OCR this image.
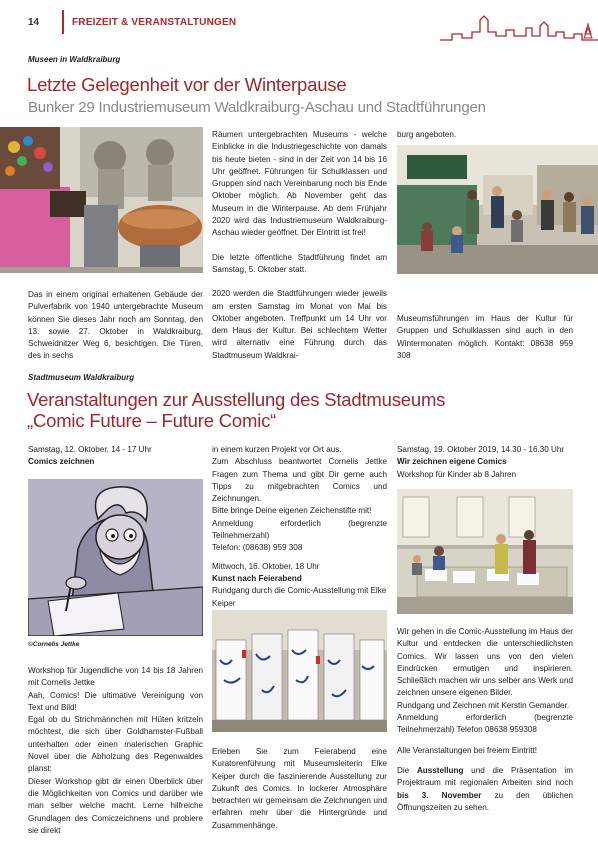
14	FREIZEIT & VERANSTALTUNGEN
Museen in Waldkraiburg
Letzte Gelegenheit vor der Winterpause
Bunker 29 Industriemuseum Waldkraiburg-Aschau und Stadtführungen

Das in einem original erhaltenen Gebäude der Pulverfabrik von 1940 untergebrachte Museum können Sie dieses Jahr noch am Sonntag, den 13. sowie 27. Oktober in Waldkraiburg, Schweidnitzer Weg 6, besichtigen. Die Türen, des in sechs

Räumen untergebrachten Museums - welche Einblicke in die Industriegeschichte von damals bis heute bieten - sind in der Zeit von 14 bis 16 Uhr geöffnet. Führungen für Schulklassen und Gruppen sind nach Vereinbarung noch bis Ende Oktober möglich. Ab November geht das Museum in die Winterpause. Ab dem Frühjahr 2020 wird das Industriemuseum Waldkraiburg-Aschau wieder geöffnet. Der Eintritt ist frei!

Die letzte öffentliche Stadtführung findet am Samstag, 5. Oktober statt.

2020 werden die Stadtführungen wieder jeweils am ersten Samstag im Monat von Mai bis Oktober angeboten. Treffpunkt um 14 Uhr vor dem Haus der Kultur. Bei schlechtem Wetter wird alternativ eine Führung durch das Stadtmuseum Waldkrai-

burg angeboten.

Museumsführungen im Haus der Kultur für Gruppen und Schulklassen sind auch in den Wintermonaten möglich. Kontakt: 08638 959 308

Stadtmuseum Waldkraiburg
Veranstaltungen zur Ausstellung des Stadtmuseums
„Comic Future – Future Comic“

Samstag, 12. Oktober, 14 - 17 Uhr

Comics zeichnen

©Cornelis Jettke

Workshop für Jugendliche von 14 bis 18 Jahren mit Cornelis Jettke
Aah, Comics! Die ultimative Vereinigung von Text und Bild!
Egal ob du Strichmännchen mit Hüten kritzeln möchtest, die sich über Goldhamster-Fußball unterhalten oder einen malerischen Graphic Novel über die Abholzung des Regenwaldes planst:
Dieser Workshop gibt dir einen Überblick über die Möglichkeiten von Comics und darüber wie man selber welche macht. Lerne hilfreiche Grundlagen des Comiczeichnens und probiere sie direkt

in einem kurzen Projekt vor Ort aus.
Zum Abschluss beantwortet Cornelis Jettke Fragen zum Thema und gibt Dir gerne auch Tipps zu mitgebrachten Comics und Zeichnungen.
Bitte bringe Deine eigenen Zeichenstifte mit!
Anmeldung erforderlich (begrenzte Teilnehmerzahl)
Telefon: (08638) 959 308

Mittwoch, 16. Oktober, 18 Uhr

Kunst nach Feierabend

Rundgang durch die Comic-Ausstellung mit Elke Keiper

Erleben Sie zum Feierabend eine Kuratorenführung mit Museumsleiterin Elke Keiper durch die faszinierende Ausstellung zur Zukunft des Comics. In lockerer Atmosphäre betrachten wir gemeinsam die Zeichnungen und erfahren mehr über die Hintergründe und Zusammenhänge.

Samstag, 19. Oktober 2019, 14.30 - 16.30 Uhr

Wir zeichnen eigene Comics

Workshop für Kinder ab 8 Jahren

Wir gehen in die Comic-Ausstellung im Haus der Kultur und entdecken die unterschiedlichsten Comics. Wir lassen uns von den vielen Eindrücken ermutigen und inspirieren. Schließlich machen wir uns selber ans Werk und zeichnen unsere eigenen Bilder.
Rundgang und Zeichnen mit Kerstin Gemander.
Anmeldung erforderlich (begrenzte Teilnehmerzahl) Telefon 08638 959308

Alle Veranstaltungen bei freiem Eintritt!

Die Ausstellung und die Präsentation im Projektraum mit regionalen Arbeiten sind noch bis 3. November zu den üblichen Öffnungszeiten zu sehen.
